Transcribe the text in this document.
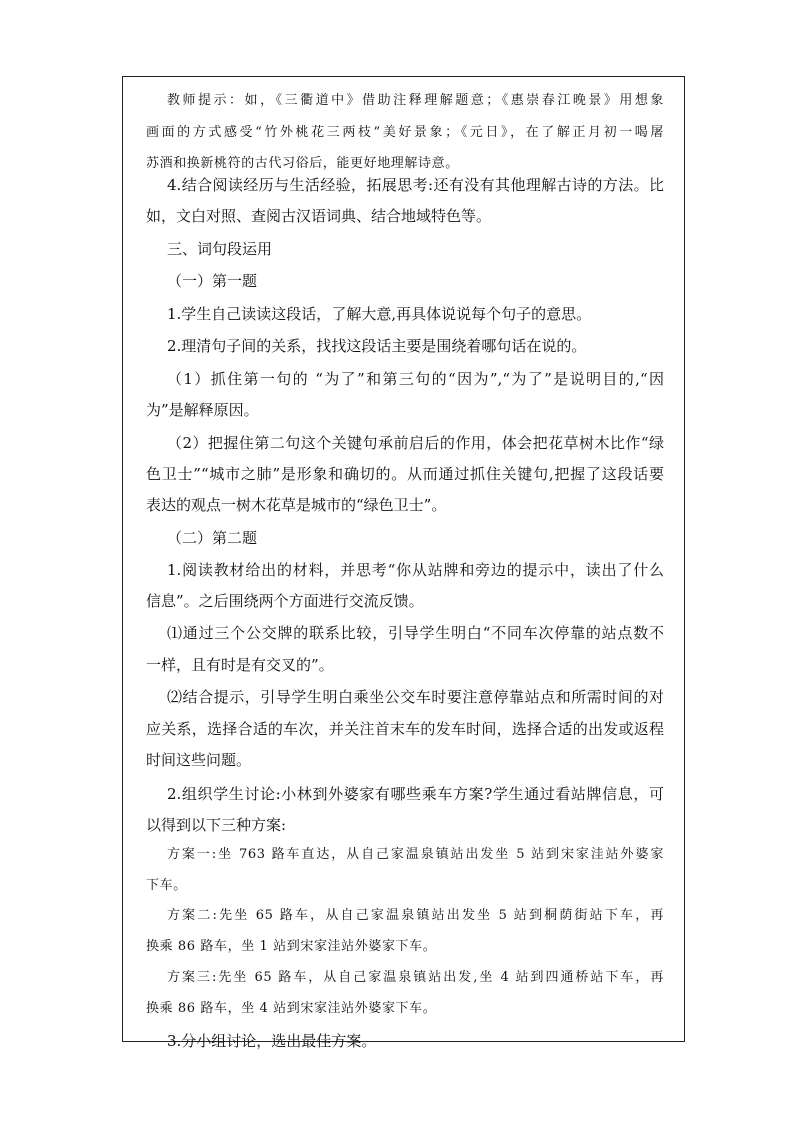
教师提示：如，《三衢道中》借助注释理解题意；《惠崇春江晚景》用想象
画面的方式感受“竹外桃花三两枝”美好景象；《元日》，在了解正月初一喝屠
苏酒和换新桃符的古代习俗后，能更好地理解诗意。
4.结合阅读经历与生活经验，拓展思考:还有没有其他理解古诗的方法。比
如，文白对照、查阅古汉语词典、结合地域特色等。
三、词句段运用
（一）第一题
1.学生自己读读这段话，了解大意,再具体说说每个句子的意思。
2.理清句子间的关系，找找这段话主要是围绕着哪句话在说的。
（1）抓住第一句的 “为了”和第三句的“因为”,“为了”是说明目的,“因
为”是解释原因。
（2）把握住第二句这个关键句承前启后的作用，体会把花草树木比作“绿
色卫士”“城市之肺”是形象和确切的。从而通过抓住关键句,把握了这段话要
表达的观点一树木花草是城市的“绿色卫士”。
（二）第二题
1.阅读教材给出的材料，并思考“你从站牌和旁边的提示中，读出了什么
信息”。之后围绕两个方面进行交流反馈。
⑴通过三个公交牌的联系比较，引导学生明白“不同车次停靠的站点数不
一样，且有时是有交叉的”。
⑵结合提示，引导学生明白乘坐公交车时要注意停靠站点和所需时间的对
应关系，选择合适的车次，并关注首末车的发车时间，选择合适的出发或返程
时间这些问题。
2.组织学生讨论:小林到外婆家有哪些乘车方案?学生通过看站牌信息，可
以得到以下三种方案:
方案一:坐 763 路车直达，从自己家温泉镇站出发坐 5 站到宋家洼站外婆家
下车。
方案二:先坐 65 路车，从自己家温泉镇站出发坐 5 站到桐荫街站下车，再
换乘 86 路车，坐 1 站到宋家洼站外婆家下车。
方案三:先坐 65 路车，从自己家温泉镇站出发,坐 4 站到四通桥站下车，再
换乘 86 路车，坐 4 站到宋家洼站外婆家下车。
3.分小组讨论，选出最佳方案。
